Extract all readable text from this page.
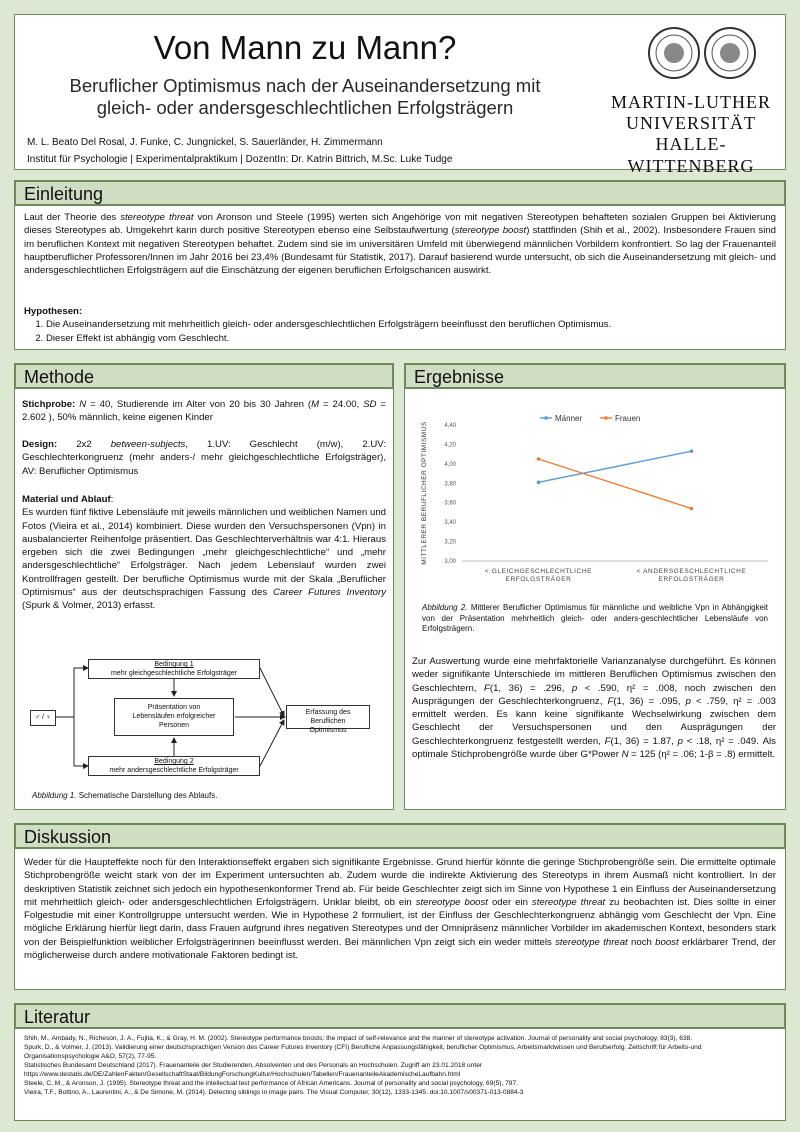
Von Mann zu Mann?
Beruflicher Optimismus nach der Auseinandersetzung mit
gleich- oder andersgeschlechtlichen Erfolgsträgern
M. L. Beato Del Rosal, J. Funke, C. Jungnickel, S. Sauerländer, H. Zimmermann
Institut für Psychologie | Experimentalpraktikum | DozentIn: Dr. Katrin Bittrich, M.Sc. Luke Tudge
MARTIN-LUTHER
UNIVERSITÄT
HALLE-WITTENBERG
Einleitung
Laut der Theorie des stereotype threat von Aronson und Steele (1995) werten sich Angehörige von mit negativen Stereotypen behafteten sozialen Gruppen bei Aktivierung dieses Stereotypes ab. Umgekehrt kann durch positive Stereotypen ebenso eine Selbstaufwertung (stereotype boost) stattfinden (Shih et al., 2002). Insbesondere Frauen sind im beruflichen Kontext mit negativen Stereotypen behaftet. Zudem sind sie im universitären Umfeld mit überwiegend männlichen Vorbildern konfrontiert. So lag der Frauenanteil hauptberuflicher Professoren/Innen im Jahr 2016 bei 23,4% (Bundesamt für Statistik, 2017). Darauf basierend wurde untersucht, ob sich die Auseinandersetzung mit gleich- und andersgeschlechtlichen Erfolgsträgern auf die Einschätzung der eigenen beruflichen Erfolgschancen auswirkt.
Hypothesen:
1. Die Auseinandersetzung mit mehrheitlich gleich- oder andersgeschlechtlichen Erfolgsträgern beeinflusst den beruflichen Optimismus.
2. Dieser Effekt ist abhängig vom Geschlecht.
Methode
Stichprobe: N = 40, Studierende im Alter von 20 bis 30 Jahren (M = 24.00, SD = 2.602 ), 50% männlich, keine eigenen Kinder
Design: 2x2 between-subjects, 1.UV: Geschlecht (m/w), 2.UV: Geschlechterkongruenz (mehr anders-/ mehr gleichgeschlechtliche Erfolgsträger), AV: Beruflicher Optimismus
Material und Ablauf:
Es wurden fünf fiktive Lebensläufe mit jeweils männlichen und weiblichen Namen und Fotos (Vieira et al., 2014) kombiniert. Diese wurden den Versuchspersonen (Vpn) in ausbalancierter Reihenfolge präsentiert. Das Geschlechterverhältnis war 4:1. Hieraus ergeben sich die zwei Bedingungen „mehr gleichgeschlechtliche“ und „mehr andersgeschlechtliche“ Erfolgsträger. Nach jedem Lebenslauf wurden zwei Kontrollfragen gestellt. Der berufliche Optimismus wurde mit der Skala „Beruflicher Optimismus“ aus der deutschsprachigen Fassung des Career Futures Inventory (Spurk & Volmer, 2013) erfasst.
♂ / ♀
Bedingung 1
mehr gleichgeschlechtliche Erfolgsträger
Präsentation von Lebensläufen erfolgreicher Personen
Bedingung 2
mehr andersgeschlechtliche Erfolgsträger
Erfassung des Beruflichen Optimismus
Abbildung 1. Schematische Darstellung des Ablaufs.
Ergebnisse
MITTLERER BERUFLICHER OPTIMISMUS	3,00
3,20
3,40
3,60
3,80
4,00
4,20
4,40
< GLEICHGESCHLECHTLICHE
ERFOLGSTRÄGER
< ANDERSGESCHLECHTLICHE
ERFOLGSTRÄGER
Männer	Frauen
Abbildung 2. Mittlerer Beruflicher Optimismus für männliche und weibliche Vpn in Abhängigkeit von der Präsentation mehrheitlich gleich- oder anders-geschlechtlicher Lebensläufe von Erfolgsträgern.
Zur Auswertung wurde eine mehrfaktorielle Varianzanalyse durchgeführt. Es können weder signifikante Unterschiede im mittleren Beruflichen Optimismus zwischen den Geschlechtern, F(1, 36) = .296, p < .590, η² = .008, noch zwischen den Ausprägungen der Geschlechterkongruenz, F(1, 36) = .095, p < .759, η² = .003 ermittelt werden. Es kann keine signifikante Wechselwirkung zwischen dem Geschlecht der Versuchspersonen und den Ausprägungen der Geschlechterkongruenz festgestellt werden, F(1, 36) = 1.87, p < .18, η² = .049. Als optimale Stichprobengröße wurde über G*Power N = 125 (η² = .06; 1-β = .8) ermittelt.
Diskussion
Weder für die Haupteffekte noch für den Interaktionseffekt ergaben sich signifikante Ergebnisse. Grund hierfür könnte die geringe Stichprobengröße sein. Die ermittelte optimale Stichprobengröße weicht stark von der im Experiment untersuchten ab. Zudem wurde die indirekte Aktivierung des Stereotyps in ihrem Ausmaß nicht kontrolliert. In der deskriptiven Statistik zeichnet sich jedoch ein hypothesenkonformer Trend ab. Für beide Geschlechter zeigt sich im Sinne von Hypothese 1 ein Einfluss der Auseinandersetzung mit mehrheitlich gleich- oder andersgeschlechtlichen Erfolgsträgern. Unklar bleibt, ob ein stereotype boost oder ein stereotype threat zu beobachten ist. Dies sollte in einer Folgestudie mit einer Kontrollgruppe untersucht werden. Wie in Hypothese 2 formuliert, ist der Einfluss der Geschlechterkongruenz abhängig vom Geschlecht der Vpn. Eine mögliche Erklärung hierfür liegt darin, dass Frauen aufgrund ihres negativen Stereotypes und der Omnipräsenz männlicher Vorbilder im akademischen Kontext, besonders stark von der Beispielfunktion weiblicher Erfolgsträgerinnen beeinflusst werden. Bei männlichen Vpn zeigt sich ein weder mittels stereotype threat noch boost erklärbarer Trend, der möglicherweise durch andere motivationale Faktoren bedingt ist.
Literatur
Shih, M., Ambady, N., Richeson, J. A., Fujita, K., & Gray, H. M. (2002). Stereotype performance boosts: the impact of self-relevance and the manner of stereotype activation. Journal of personality and social psychology, 83(3), 638.
Spurk, D., & Volmer, J. (2013). Validierung einer deutschsprachigen Version des Career Futures Inventory (CFI) Berufliche Anpassungsfähigkeit, beruflicher Optimismus, Arbeitsmarktwissen und Berufserfolg. Zeitschrift für Arbeits-und Organisationspsychologie A&O, 57(2), 77-95.
Statistisches Bundesamt Deutschland (2017). Frauenanteile der Studierenden, Absolventen und des Personals an Hochschulen. Zugriff am 23.01.2018 unter https://www.destatis.de/DE/ZahlenFakten/GesellschaftStaat/BildungForschungKultur/Hochschulen/Tabellen/FrauenanteileAkademischeLaufbahn.html
Steele, C. M., & Aronson, J. (1995). Stereotype threat and the intellectual test performance of African Americans. Journal of personality and social psychology, 69(5), 797.
Vieira, T.F., Bottino, A., Laurentini, A., & De Simone, M. (2014). Detecting siblings in image pairs. The Visual Computer, 30(12), 1333-1345. doi:10.1007/s00371-013-0884-3
